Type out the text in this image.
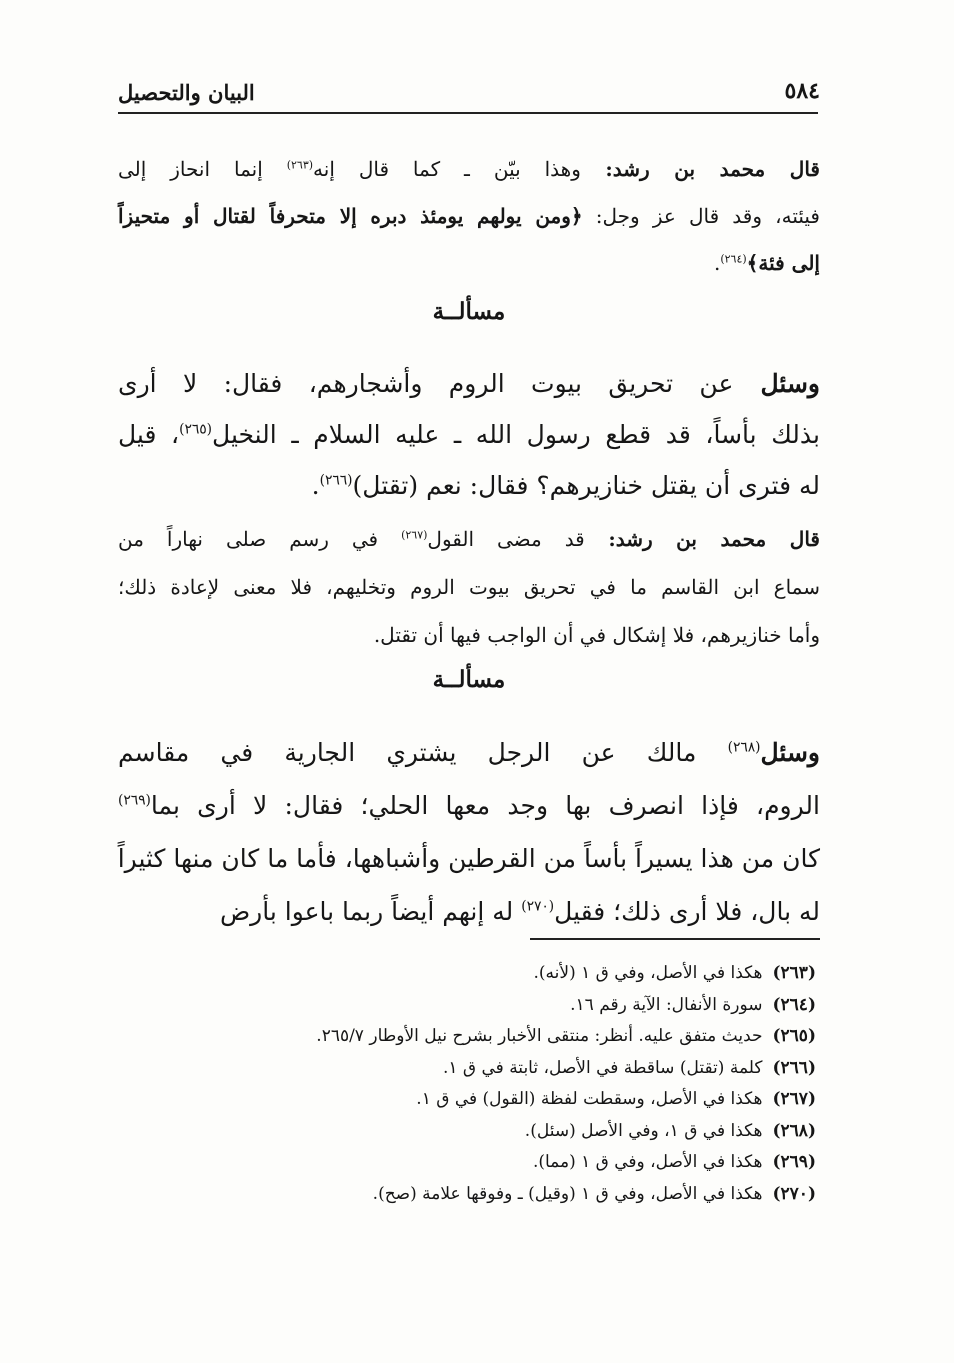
٥٨٤
البيان والتحصيل
قال محمد بن رشد: وهذا بيّن ـ كما قال إنه$^{(٢٦٣)}$ إنما انحاز إلى
فيئته، وقد قال عز وجل: ﴿ومن يولهم يومئذ دبره إلا متحرفاً لقتال أو متحيزاً
إلى فئة﴾$^{(٢٦٤)}$.
مسألــة
وسئل عن تحريق بيوت الروم وأشجارهم، فقال: لا أرى
بذلك بأساً، قد قطع رسول الله ـ عليه السلام ـ النخيل$^{(٢٦٥)}$، قيل
له فترى أن يقتل خنازيرهم؟ فقال: نعم (تقتل)$^{(٢٦٦)}$.
قال محمد بن رشد: قد مضى القول$^{(٢٦٧)}$ في رسم صلى نهاراً من
سماع ابن القاسم ما في تحريق بيوت الروم وتخليهم، فلا معنى لإعادة ذلك؛
وأما خنازيرهم، فلا إشكال في أن الواجب فيها أن تقتل.
مسألــة
وسئل$^{(٢٦٨)}$ مالك عن الرجل يشتري الجارية في مقاسم
الروم، فإذا انصرف بها وجد معها الحلي؛ فقال: لا أرى بما$^{(٢٦٩)}$
كان من هذا يسيراً بأساً من القرطين وأشباهها، فأما ما كان منها كثيراً
له بال، فلا أرى ذلك؛ فقيل$^{(٢٧٠)}$ له إنهم أيضاً ربما باعوا بأرض
(٢٦٣)هكذا في الأصل، وفي ق ١ (لأنه).
(٢٦٤)سورة الأنفال: الآية رقم ١٦.
(٢٦٥)حديث متفق عليه. أنظر: منتقى الأخبار بشرح نيل الأوطار ٢٦٥/٧.
(٢٦٦)كلمة (تقتل) ساقطة في الأصل، ثابتة في ق ١.
(٢٦٧)هكذا في الأصل، وسقطت لفظة (القول) في ق ١.
(٢٦٨)هكذا في ق ١، وفي الأصل (سئل).
(٢٦٩)هكذا في الأصل، وفي ق ١ (مما).
(٢٧٠)هكذا في الأصل، وفي ق ١ (وقيل) ـ وفوقها علامة (صح).
